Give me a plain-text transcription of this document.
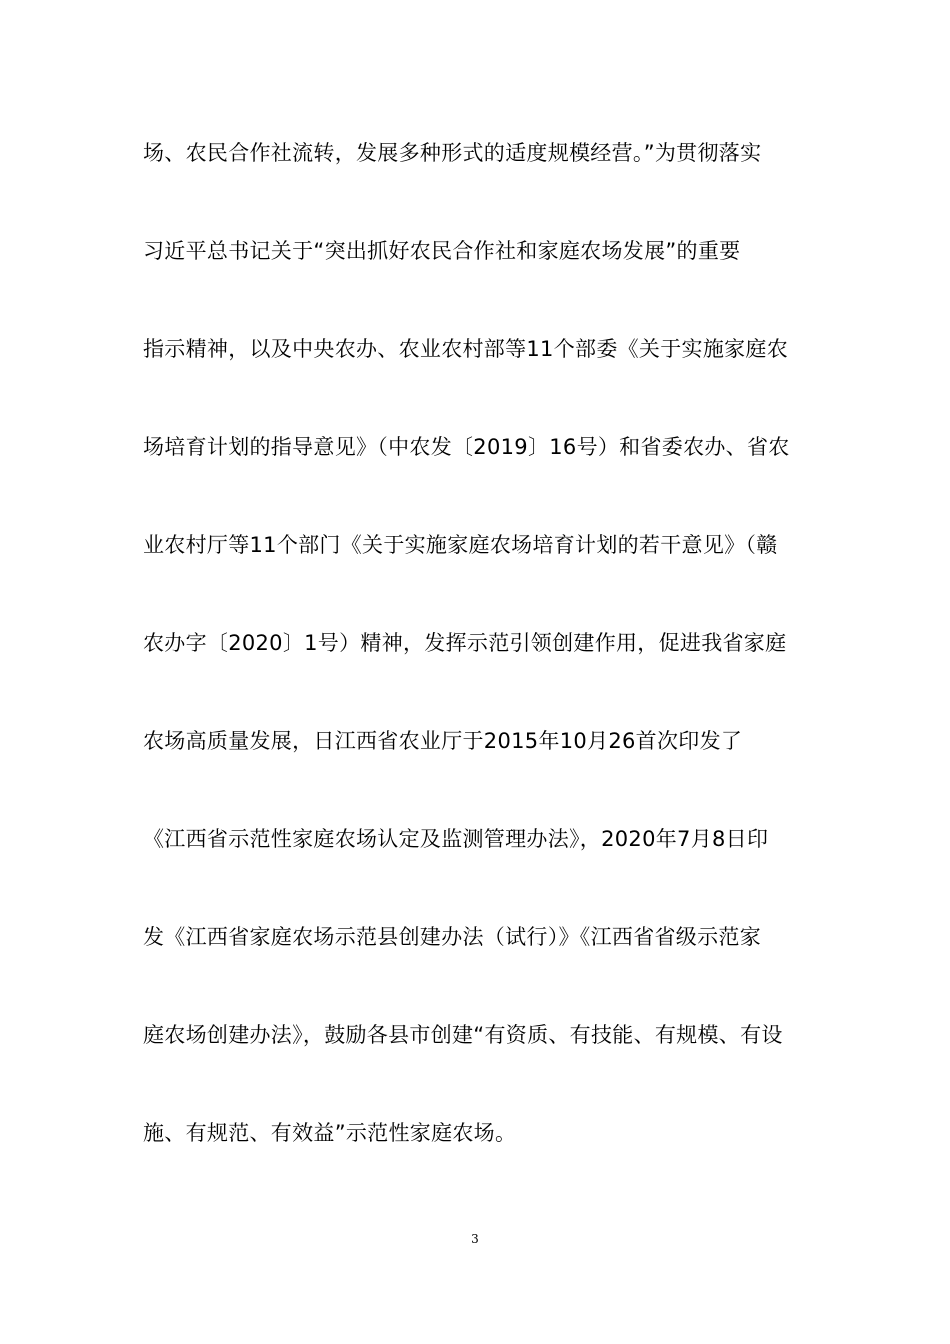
场、农民合作社流转，发展多种形式的适度规模经营。”为贯彻落实
习近平总书记关于“突出抓好农民合作社和家庭农场发展”的重要
指示精神，以及中央农办、农业农村部等11个部委《关于实施家庭农
场培育计划的指导意见》（中农发〔2019〕16号）和省委农办、省农
业农村厅等11个部门《关于实施家庭农场培育计划的若干意见》（赣
农办字〔2020〕1号）精神，发挥示范引领创建作用，促进我省家庭
农场高质量发展，日江西省农业厅于2015年10月26首次印发了
《江西省示范性家庭农场认定及监测管理办法》，2020年7月8日印
发《江西省家庭农场示范县创建办法（试行）》《江西省省级示范家
庭农场创建办法》，鼓励各县市创建“有资质、有技能、有规模、有设
施、有规范、有效益”示范性家庭农场。
3
